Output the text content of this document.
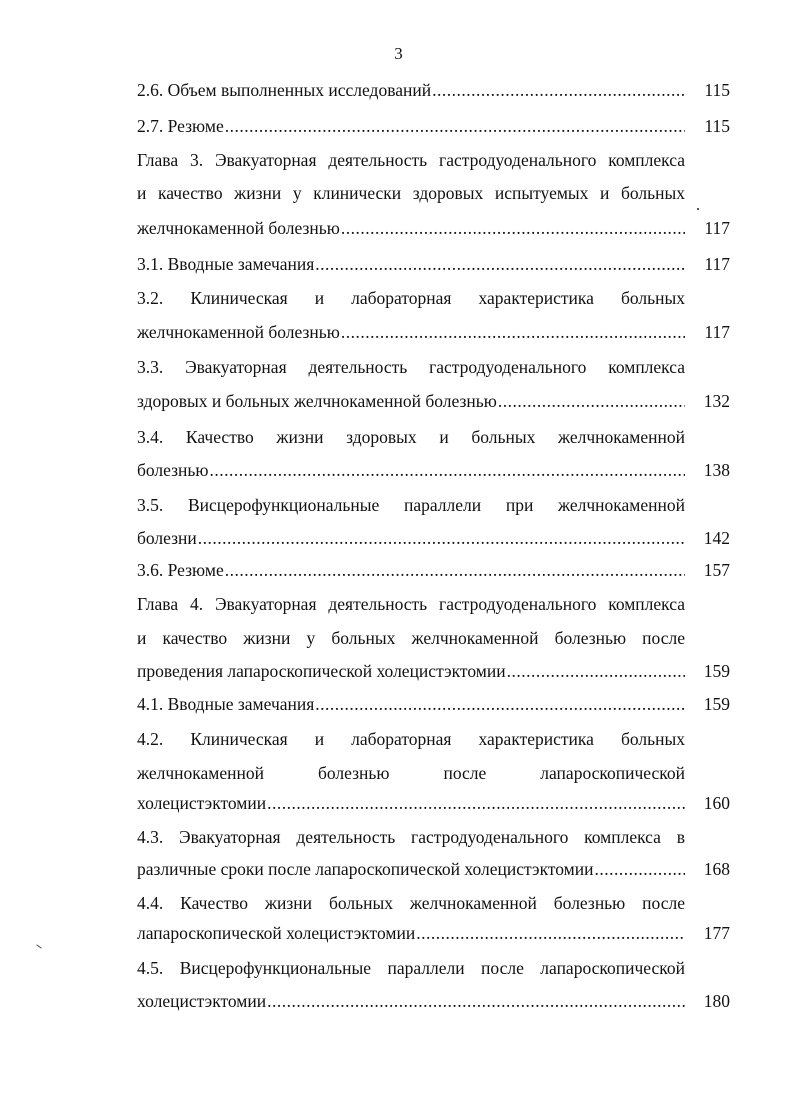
3
115
2.6. Объем выполненных исследований
.....
115
2.7. Резюме
.....
Глава 3. Эвакуаторная деятельность гастродуоденального комплекса
и качество жизни у клинически здоровых испытуемых и больных
117
желчнокаменной болезнью
.....
117
3.1. Вводные замечания
.....
3.2. Клиническая и лабораторная характеристика больных
117
желчнокаменной болезнью
.....
3.3. Эвакуаторная деятельность гастродуоденального комплекса
132
здоровых и больных желчнокаменной болезнью
.....
3.4. Качество жизни здоровых и больных желчнокаменной
138
болезнью
.....
3.5. Висцерофункциональные параллели при желчнокаменной
142
болезни
.....
157
3.6. Резюме
.....
Глава 4. Эвакуаторная деятельность гастродуоденального комплекса
и качество жизни у больных желчнокаменной болезнью после
159
проведения лапароскопической холецистэктомии
.....
159
4.1. Вводные замечания
.....
4.2. Клиническая и лабораторная характеристика больных
желчнокаменной болезнью после лапароскопической
160
холецистэктомии
.....
4.3. Эвакуаторная деятельность гастродуоденального комплекса в
168
различные сроки после лапароскопической холецистэктомии
.....
4.4. Качество жизни больных желчнокаменной болезнью после
177
лапароскопической холецистэктомии
.....
4.5. Висцерофункциональные параллели после лапароскопической
180
холецистэктомии
.....
